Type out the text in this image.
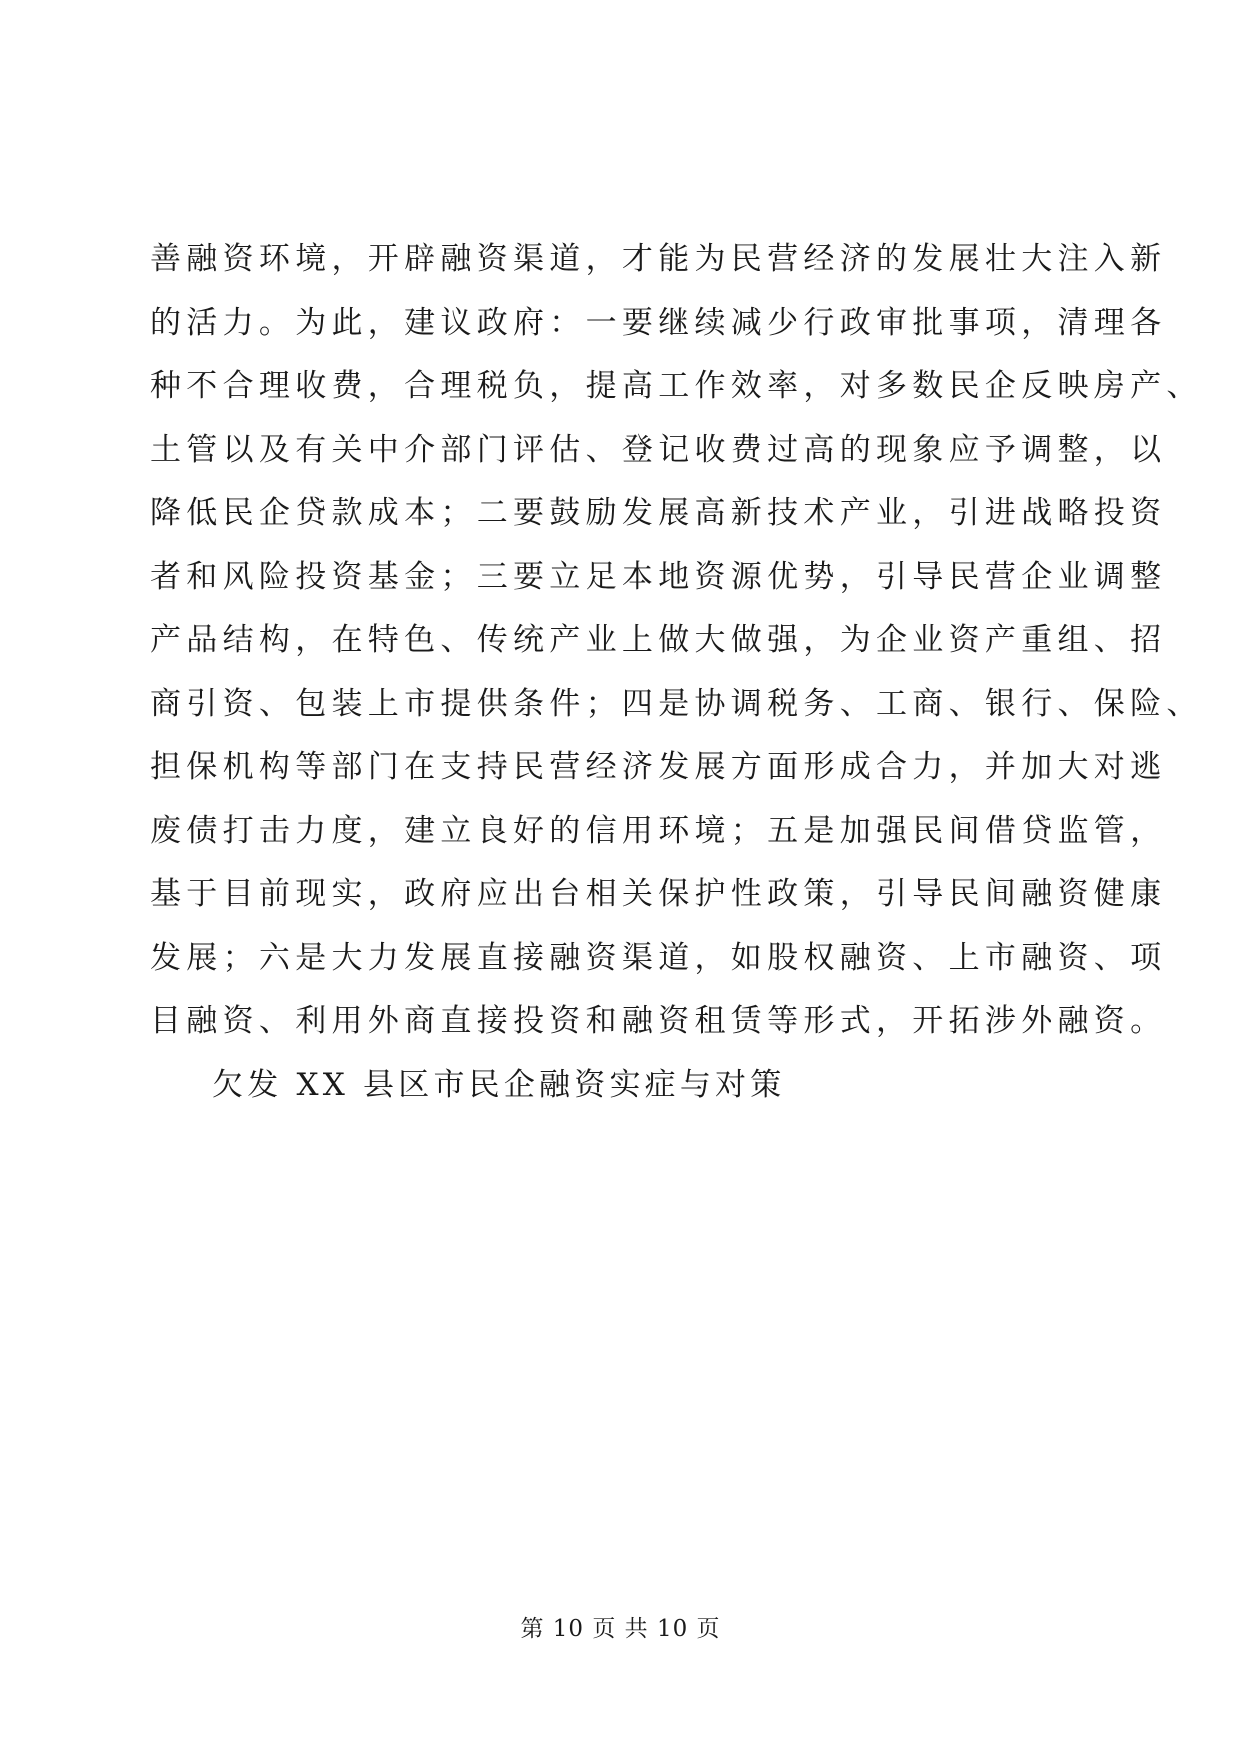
善融资环境，开辟融资渠道，才能为民营经济的发展壮大注入新
的活力。为此，建议政府：一要继续减少行政审批事项，清理各
种不合理收费，合理税负，提高工作效率，对多数民企反映房产、
土管以及有关中介部门评估、登记收费过高的现象应予调整，以
降低民企贷款成本；二要鼓励发展高新技术产业，引进战略投资
者和风险投资基金；三要立足本地资源优势，引导民营企业调整
产品结构，在特色、传统产业上做大做强，为企业资产重组、招
商引资、包装上市提供条件；四是协调税务、工商、银行、保险、
担保机构等部门在支持民营经济发展方面形成合力，并加大对逃
废债打击力度，建立良好的信用环境；五是加强民间借贷监管，
基于目前现实，政府应出台相关保护性政策，引导民间融资健康
发展；六是大力发展直接融资渠道，如股权融资、上市融资、项
目融资、利用外商直接投资和融资租赁等形式，开拓涉外融资。
欠发 XX 县区市民企融资实症与对策
第 10 页 共 10 页
